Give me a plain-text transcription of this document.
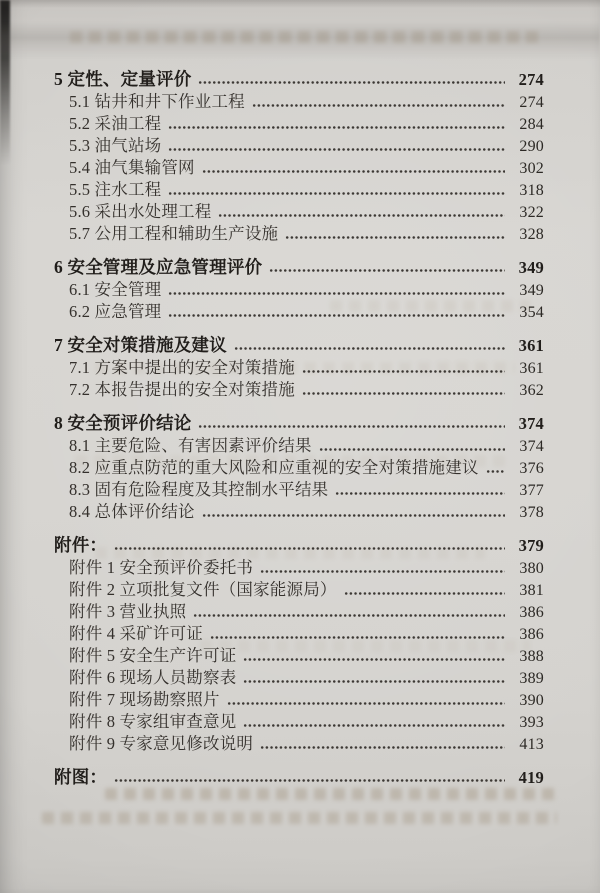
5 定性、定量评价	274
5.1 钻井和井下作业工程	274
5.2 采油工程	284
5.3 油气站场	290
5.4 油气集输管网	302
5.5 注水工程	318
5.6 采出水处理工程	322
5.7 公用工程和辅助生产设施	328
6 安全管理及应急管理评价	349
6.1 安全管理	349
6.2 应急管理	354
7 安全对策措施及建议	361
7.1 方案中提出的安全对策措施	361
7.2 本报告提出的安全对策措施	362
8 安全预评价结论	374
8.1 主要危险、有害因素评价结果	374
8.2 应重点防范的重大风险和应重视的安全对策措施建议	376
8.3 固有危险程度及其控制水平结果	377
8.4 总体评价结论	378
附件：	379
附件 1 安全预评价委托书	380
附件 2 立项批复文件（国家能源局）	381
附件 3 营业执照	386
附件 4 采矿许可证	386
附件 5 安全生产许可证	388
附件 6 现场人员勘察表	389
附件 7 现场勘察照片	390
附件 8 专家组审查意见	393
附件 9 专家意见修改说明	413
附图：	419
